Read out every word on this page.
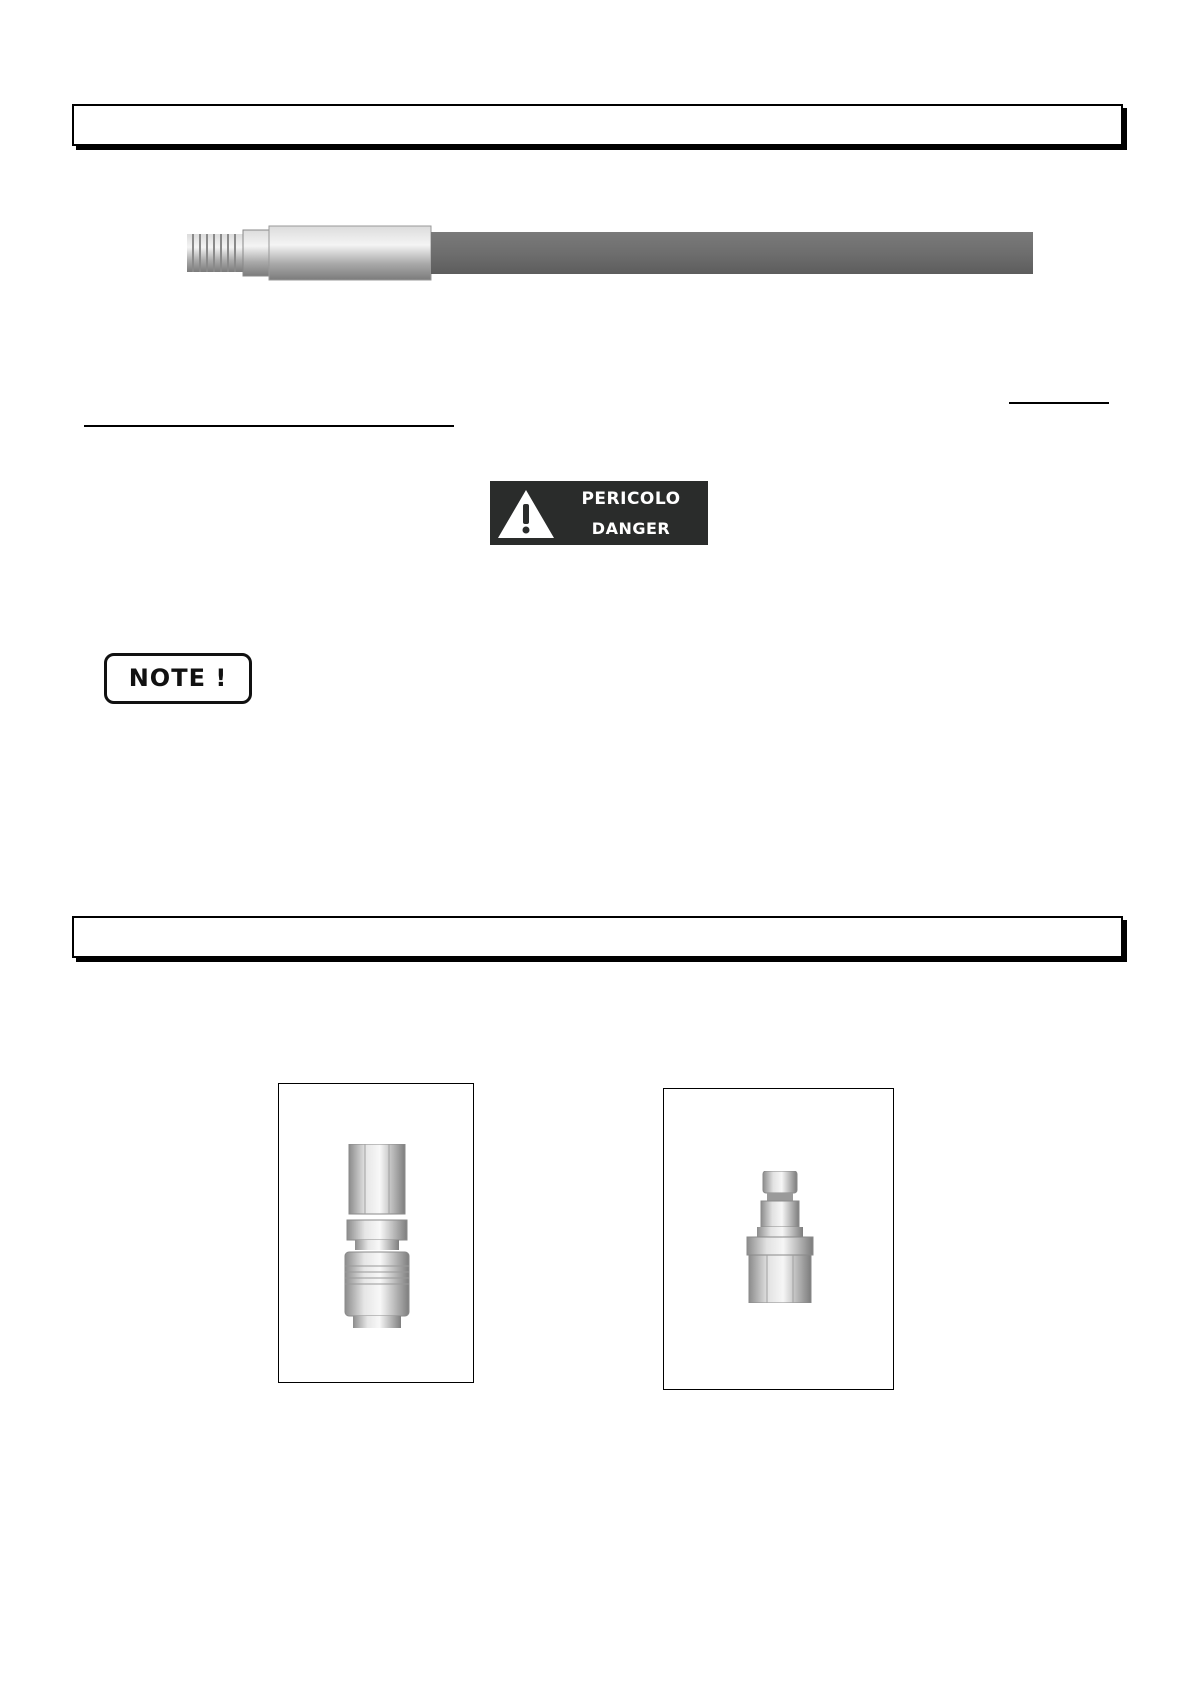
PERICOLO
DANGER
NOTE !
